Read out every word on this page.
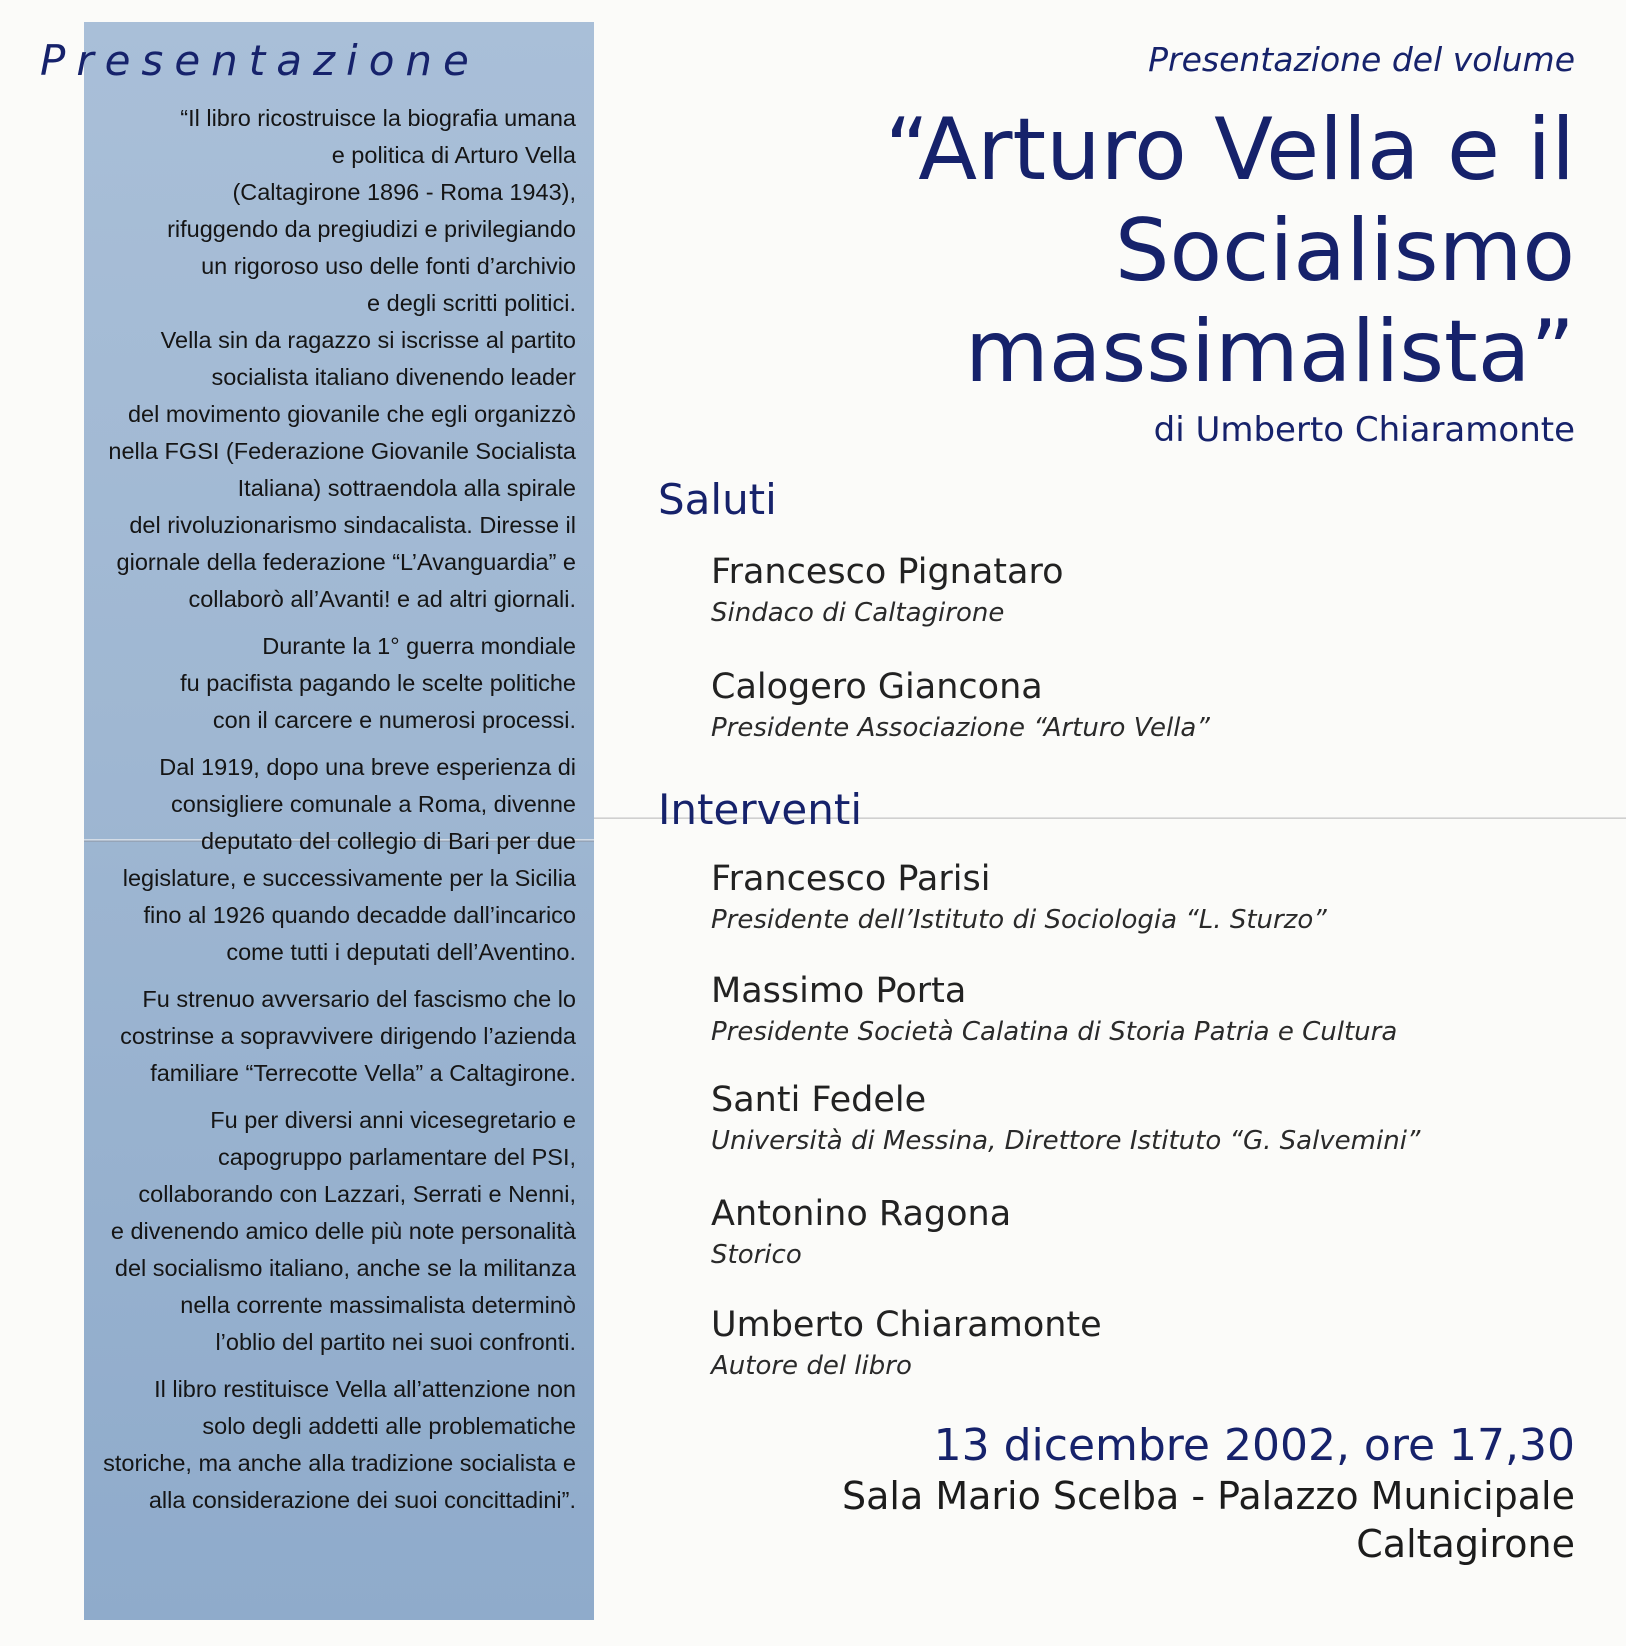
Presentazione

“Il libro ricostruisce la biografia umana
e politica di Arturo Vella
(Caltagirone 1896 - Roma 1943),
rifuggendo da pregiudizi e privilegiando
un rigoroso uso delle fonti d’archivio
e degli scritti politici.
Vella sin da ragazzo si iscrisse al partito
socialista italiano divenendo leader
del movimento giovanile che egli organizzò
nella FGSI (Federazione Giovanile Socialista
Italiana) sottraendola alla spirale
del rivoluzionarismo sindacalista. Diresse il
giornale della federazione “L’Avanguardia” e
collaborò all’Avanti! e ad altri giornali.

Durante la 1° guerra mondiale
fu pacifista pagando le scelte politiche
con il carcere e numerosi processi.

Dal 1919, dopo una breve esperienza di
consigliere comunale a Roma, divenne
deputato del collegio di Bari per due
legislature, e successivamente per la Sicilia
fino al 1926 quando decadde dall’incarico
come tutti i deputati dell’Aventino.

Fu strenuo avversario del fascismo che lo
costrinse a sopravvivere dirigendo l’azienda
familiare “Terrecotte Vella” a Caltagirone.

Fu per diversi anni vicesegretario e
capogruppo parlamentare del PSI,
collaborando con Lazzari, Serrati e Nenni,
e divenendo amico delle più note personalità
del socialismo italiano, anche se la militanza
nella corrente massimalista determinò
l’oblio del partito nei suoi confronti.

Il libro restituisce Vella all’attenzione non
solo degli addetti alle problematiche
storiche, ma anche alla tradizione socialista e
alla considerazione dei suoi concittadini”.

Presentazione del volume
“Arturo Vella e il
Socialismo
massimalista”
di Umberto Chiaramonte
Saluti
Francesco Pignataro
Sindaco di Caltagirone
Calogero Giancona
Presidente Associazione “Arturo Vella”
Interventi
Francesco Parisi
Presidente dell’Istituto di Sociologia “L. Sturzo”
Massimo Porta
Presidente Società Calatina di Storia Patria e Cultura
Santi Fedele
Università di Messina, Direttore Istituto “G. Salvemini”
Antonino Ragona
Storico
Umberto Chiaramonte
Autore del libro
13 dicembre 2002, ore 17,30
Sala Mario Scelba - Palazzo Municipale
Caltagirone
